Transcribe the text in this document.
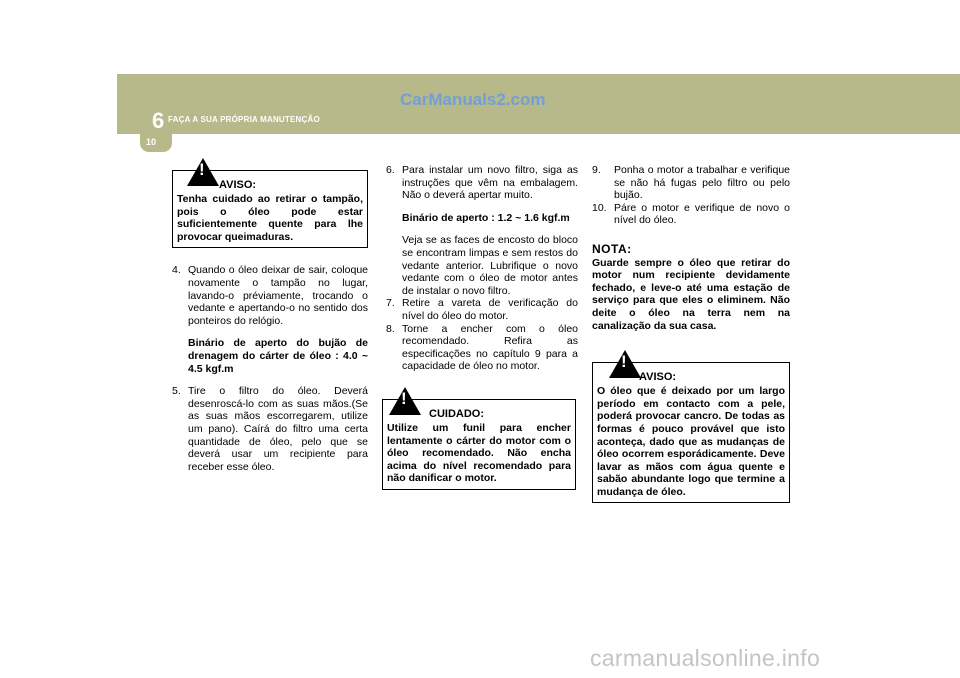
CarManuals2.com
6 FAÇA A SUA PRÓPRIA MANUTENÇÃO
10
!
AVISO:
Tenha cuidado ao retirar o tampão, pois o óleo pode estar suficientemente quente para lhe provocar queimaduras.
4. Quando o óleo deixar de sair, coloque novamente o tampão no lugar, lavando-o préviamente, trocando o vedante e apertando-o no sentido dos ponteiros do relógio.
Binário de aperto do bujão de drenagem do cárter de óleo : 4.0 ~ 4.5 kgf.m
5. Tire o filtro do óleo. Deverá desenroscá-lo com as suas mãos.(Se as suas mãos escorregarem, utilize um pano). Caírá do filtro uma certa quantidade de óleo, pelo que se deverá usar um recipiente para receber esse óleo.
6. Para instalar um novo filtro, siga as instruções que vêm na embalagem. Não o deverá apertar muito.
Binário de aperto : 1.2 ~ 1.6 kgf.m
Veja se as faces de encosto do bloco se encontram limpas e sem restos do vedante anterior. Lubrifique o novo vedante com o óleo de motor antes de instalar o novo filtro.
7. Retire a vareta de verificação do nível do óleo do motor.
8. Torne a encher com o óleo recomendado. Refira as especificações no capítulo 9 para a capacidade de óleo no motor.
!
CUIDADO:
Utilize um funil para encher lentamente o cárter do motor com o óleo recomendado. Não encha acima do nível recomendado para não danificar o motor.
9.	Ponha o motor a trabalhar e verifique se não há fugas pelo filtro ou pelo bujão.
10. Páre o motor e verifique de novo o nível do óleo.
NOTA:
Guarde sempre o óleo que retirar do motor num recipiente devidamente fechado, e leve-o até uma estação de serviço para que eles o eliminem. Não deite o óleo na terra nem na canalização da sua casa.
!
AVISO:
O óleo que é deixado por um largo período em contacto com a pele, poderá provocar cancro. De todas as formas é pouco provável que isto aconteça, dado que as mudanças de óleo ocorrem esporádicamente. Deve lavar as mãos com água quente e sabão abundante logo que termine a mudança de óleo.
carmanualsonline.info
